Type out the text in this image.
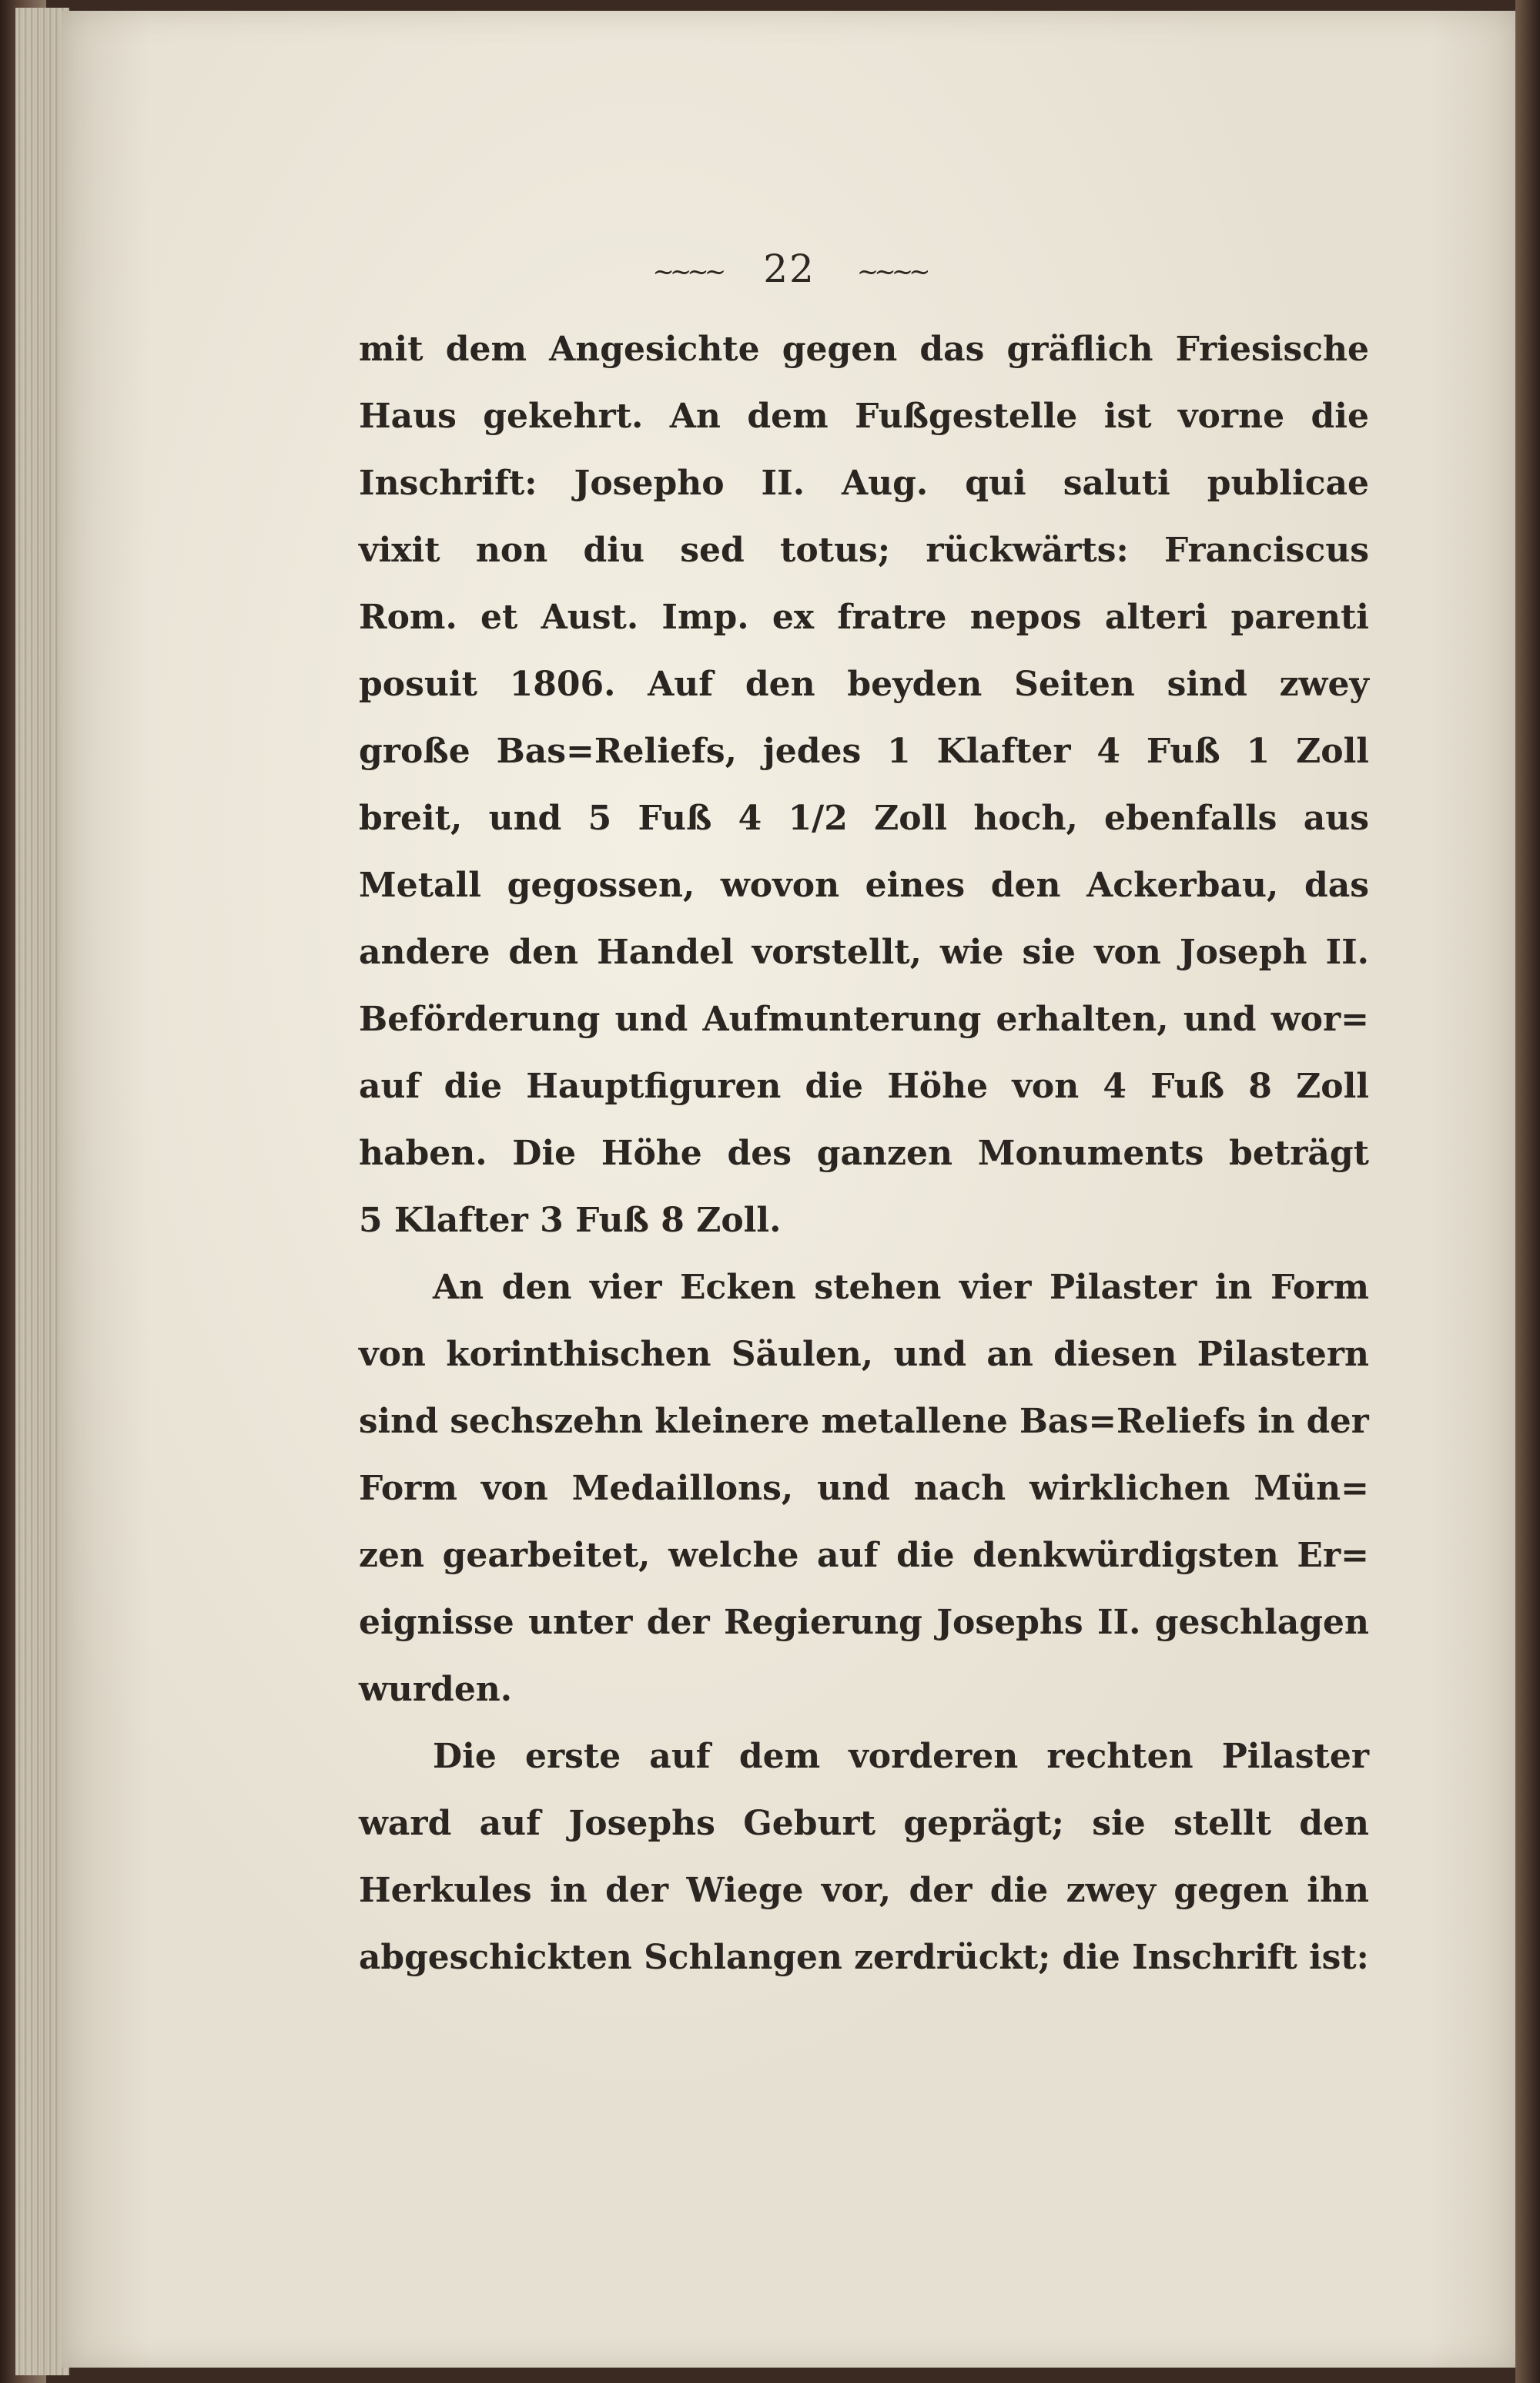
~~~~ 22 ~~~~
mit dem Angesichte gegen das gräflich Friesische
Haus gekehrt. An dem Fußgestelle ist vorne die
Inschrift: Josepho II. Aug. qui saluti publicae
vixit non diu sed totus; rückwärts: Franciscus
Rom. et Aust. Imp. ex fratre nepos alteri parenti
posuit 1806. Auf den beyden Seiten sind zwey
große Bas=Reliefs, jedes 1 Klafter 4 Fuß 1 Zoll
breit, und 5 Fuß 4 1/2 Zoll hoch, ebenfalls aus
Metall gegossen, wovon eines den Ackerbau, das
andere den Handel vorstellt, wie sie von Joseph II.
Beförderung und Aufmunterung erhalten, und wor=
auf die Hauptfiguren die Höhe von 4 Fuß 8 Zoll
haben. Die Höhe des ganzen Monuments beträgt
5 Klafter 3 Fuß 8 Zoll.
An den vier Ecken stehen vier Pilaster in Form
von korinthischen Säulen, und an diesen Pilastern
sind sechszehn kleinere metallene Bas=Reliefs in der
Form von Medaillons, und nach wirklichen Mün=
zen gearbeitet, welche auf die denkwürdigsten Er=
eignisse unter der Regierung Josephs II. geschlagen
wurden.
Die erste auf dem vorderen rechten Pilaster
ward auf Josephs Geburt geprägt; sie stellt den
Herkules in der Wiege vor, der die zwey gegen ihn
abgeschickten Schlangen zerdrückt; die Inschrift ist:
